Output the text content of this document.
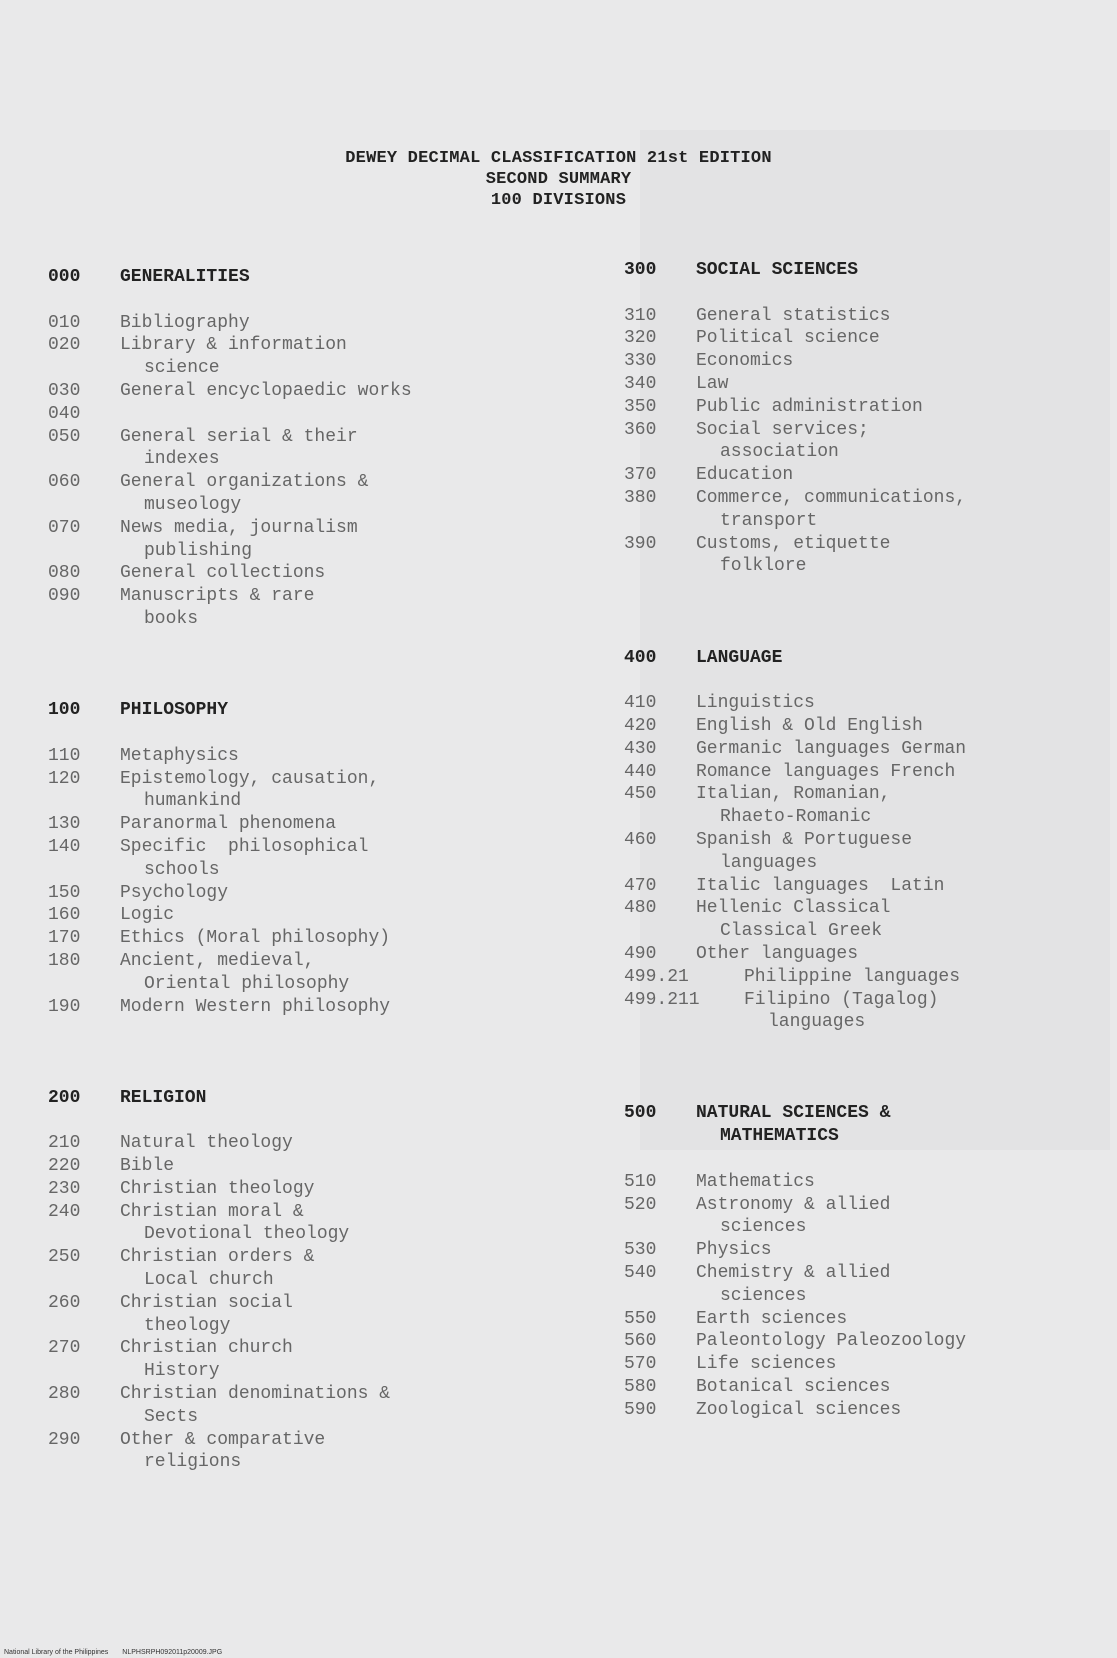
DEWEY DECIMAL CLASSIFICATION 21st EDITION
SECOND SUMMARY
100 DIVISIONS
000	GENERALITIES
010	Bibliography
020	Library & information
science
030	General encyclopaedic works
040
050	General serial & their
indexes
060	General organizations &
museology
070	News media, journalism
publishing
080	General collections
090	Manuscripts & rare
books
100	PHILOSOPHY
110	Metaphysics
120	Epistemology, causation,
humankind
130	Paranormal phenomena
140	Specific  philosophical
schools
150	Psychology
160	Logic
170	Ethics (Moral philosophy)
180	Ancient, medieval,
Oriental philosophy
190	Modern Western philosophy
200	RELIGION
210	Natural theology
220	Bible
230	Christian theology
240	Christian moral &
Devotional theology
250	Christian orders &
Local church
260	Christian social
theology
270	Christian church
History
280	Christian denominations &
Sects
290	Other & comparative
religions
300	SOCIAL SCIENCES
310	General statistics
320	Political science
330	Economics
340	Law
350	Public administration
360	Social services;
association
370	Education
380	Commerce, communications,
transport
390	Customs, etiquette
folklore
400	LANGUAGE
410	Linguistics
420	English & Old English
430	Germanic languages German
440	Romance languages French
450	Italian, Romanian,
Rhaeto-Romanic
460	Spanish & Portuguese
languages
470	Italic languages  Latin
480	Hellenic Classical
Classical Greek
490	Other languages
499.21	Philippine languages
499.211	Filipino (Tagalog)
languages
500	NATURAL SCIENCES &
MATHEMATICS
510	Mathematics
520	Astronomy & allied
sciences
530	Physics
540	Chemistry & allied
sciences
550	Earth sciences
560	Paleontology Paleozoology
570	Life sciences
580	Botanical sciences
590	Zoological sciences
National Library of the Philippines NLPHSRPH092011p20009.JPG
